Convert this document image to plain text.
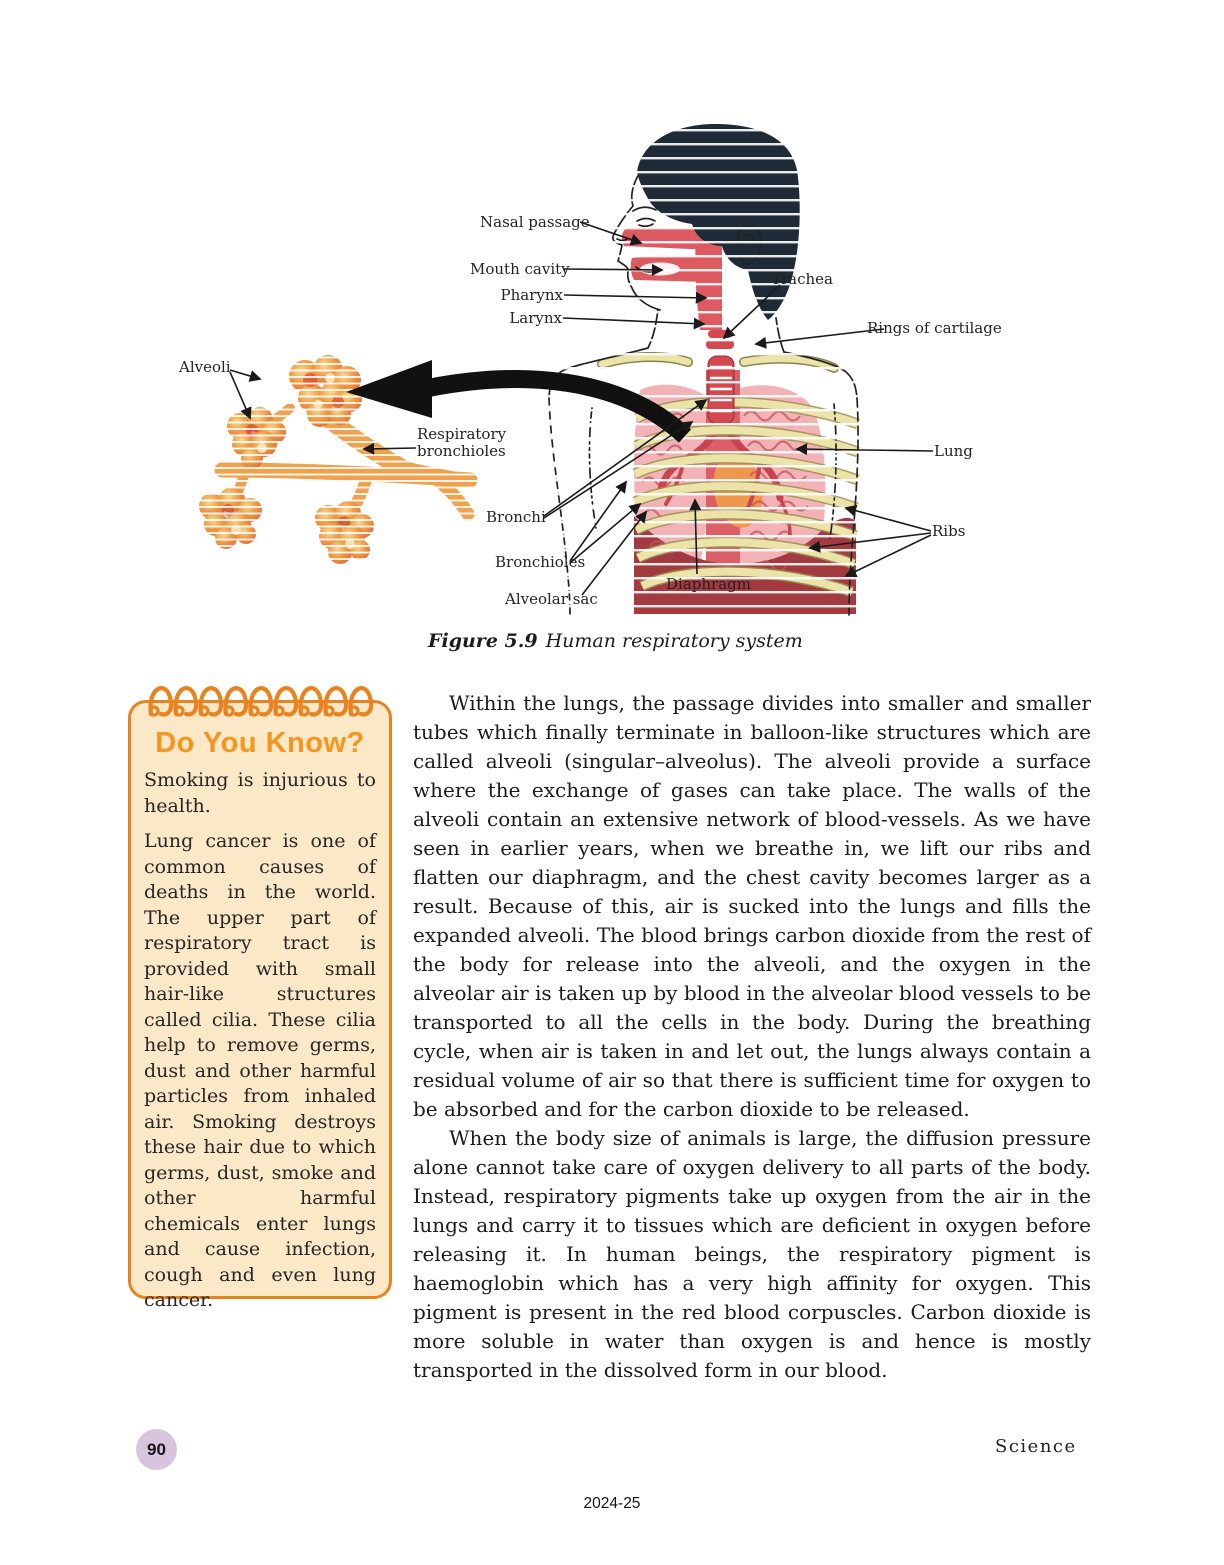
Nasal passage
Mouth cavity
Pharynx
Larynx
Trachea
Rings of cartilage
Alveoli
Respiratory bronchioles
Bronchi
Bronchioles
Alveolar sac
Diaphragm
Lung
Ribs
Figure 5.9 Human respiratory system
Do You Know?

Smoking is injurious to health.

Lung cancer is one of common causes of deaths in the world. The upper part of respiratory tract is provided with small hair-like structures called cilia. These cilia help to remove germs, dust and other harmful particles from inhaled air. Smoking destroys these hair due to which germs, dust, smoke and other harmful chemicals enter lungs and cause infection, cough and even lung cancer.

Within the lungs, the passage divides into smaller and smaller tubes which finally terminate in balloon-like structures which are called alveoli (singular–alveolus). The alveoli provide a surface where the exchange of gases can take place. The walls of the alveoli contain an extensive network of blood-vessels. As we have seen in earlier years, when we breathe in, we lift our ribs and flatten our diaphragm, and the chest cavity becomes larger as a result. Because of this, air is sucked into the lungs and fills the expanded alveoli. The blood brings carbon dioxide from the rest of the body for release into the alveoli, and the oxygen in the alveolar air is taken up by blood in the alveolar blood vessels to be transported to all the cells in the body. During the breathing cycle, when air is taken in and let out, the lungs always contain a residual volume of air so that there is sufficient time for oxygen to be absorbed and for the carbon dioxide to be released.

When the body size of animals is large, the diffusion pressure alone cannot take care of oxygen delivery to all parts of the body. Instead, respiratory pigments take up oxygen from the air in the lungs and carry it to tissues which are deficient in oxygen before releasing it. In human beings, the respiratory pigment is haemoglobin which has a very high affinity for oxygen. This pigment is present in the red blood corpuscles. Carbon dioxide is more soluble in water than oxygen is and hence is mostly transported in the dissolved form in our blood.

90	Science
2024-25
